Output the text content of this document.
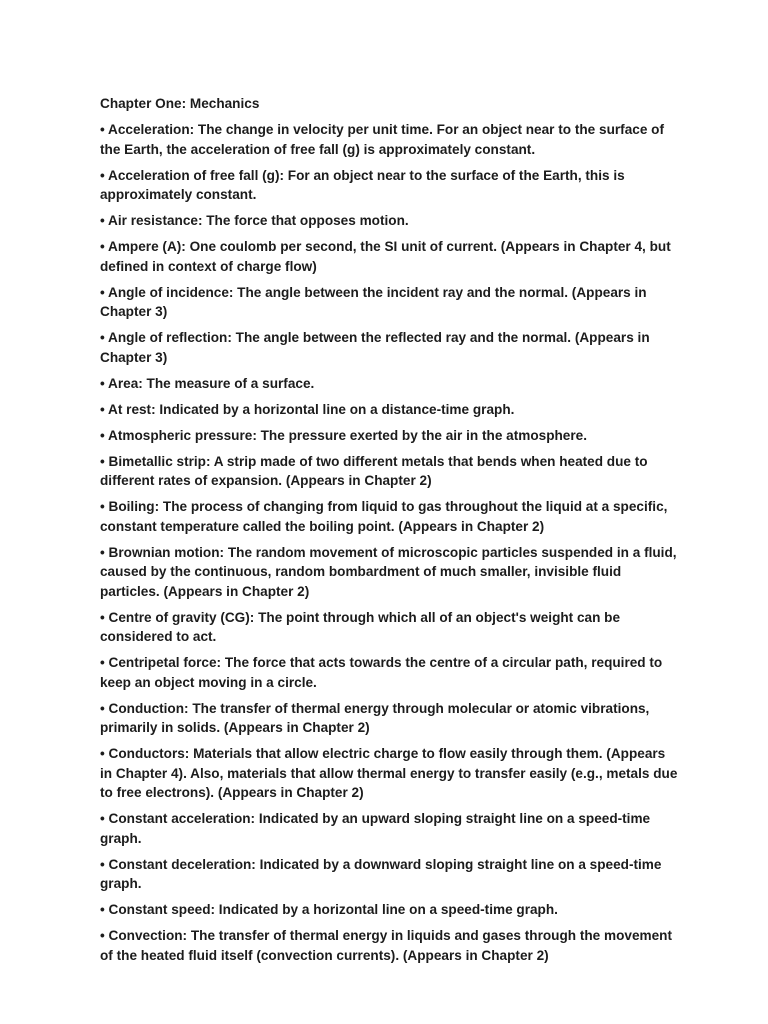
Chapter One: Mechanics

• Acceleration: The change in velocity per unit time. For an object near to the surface of the Earth, the acceleration of free fall (g) is approximately constant.

• Acceleration of free fall (g): For an object near to the surface of the Earth, this is approximately constant.

• Air resistance: The force that opposes motion.

• Ampere (A): One coulomb per second, the SI unit of current. (Appears in Chapter 4, but defined in context of charge flow)

• Angle of incidence: The angle between the incident ray and the normal. (Appears in Chapter 3)

• Angle of reflection: The angle between the reflected ray and the normal. (Appears in Chapter 3)

• Area: The measure of a surface.

• At rest: Indicated by a horizontal line on a distance-time graph.

• Atmospheric pressure: The pressure exerted by the air in the atmosphere.

• Bimetallic strip: A strip made of two different metals that bends when heated due to different rates of expansion. (Appears in Chapter 2)

• Boiling: The process of changing from liquid to gas throughout the liquid at a specific, constant temperature called the boiling point. (Appears in Chapter 2)

• Brownian motion: The random movement of microscopic particles suspended in a fluid, caused by the continuous, random bombardment of much smaller, invisible fluid particles. (Appears in Chapter 2)

• Centre of gravity (CG): The point through which all of an object's weight can be considered to act.

• Centripetal force: The force that acts towards the centre of a circular path, required to keep an object moving in a circle.

• Conduction: The transfer of thermal energy through molecular or atomic vibrations, primarily in solids. (Appears in Chapter 2)

• Conductors: Materials that allow electric charge to flow easily through them. (Appears in Chapter 4). Also, materials that allow thermal energy to transfer easily (e.g., metals due to free electrons). (Appears in Chapter 2)

• Constant acceleration: Indicated by an upward sloping straight line on a speed-time graph.

• Constant deceleration: Indicated by a downward sloping straight line on a speed-time graph.

• Constant speed: Indicated by a horizontal line on a speed-time graph.

• Convection: The transfer of thermal energy in liquids and gases through the movement of the heated fluid itself (convection currents). (Appears in Chapter 2)
